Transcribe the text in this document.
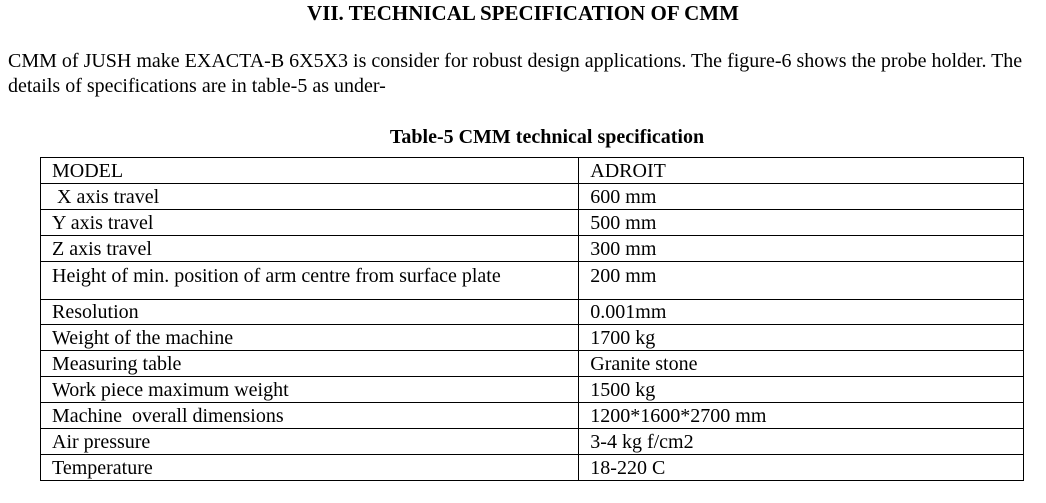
VII. TECHNICAL SPECIFICATION OF CMM

CMM of JUSH make EXACTA-B 6X5X3 is consider for robust design applications. The figure-6 shows the probe holder. The details of specifications are in table-5 as under-

Table-5 CMM technical specification
MODEL	ADROIT
X axis travel	600 mm
Y axis travel	500 mm
Z axis travel	300 mm
Height of min. position of arm centre from surface plate	200 mm
Resolution	0.001mm
Weight of the machine	1700 kg
Measuring table	Granite stone
Work piece maximum weight	1500 kg
Machine  overall dimensions	1200*1600*2700 mm
Air pressure	3-4 kg f/cm2
Temperature	18-220 C
